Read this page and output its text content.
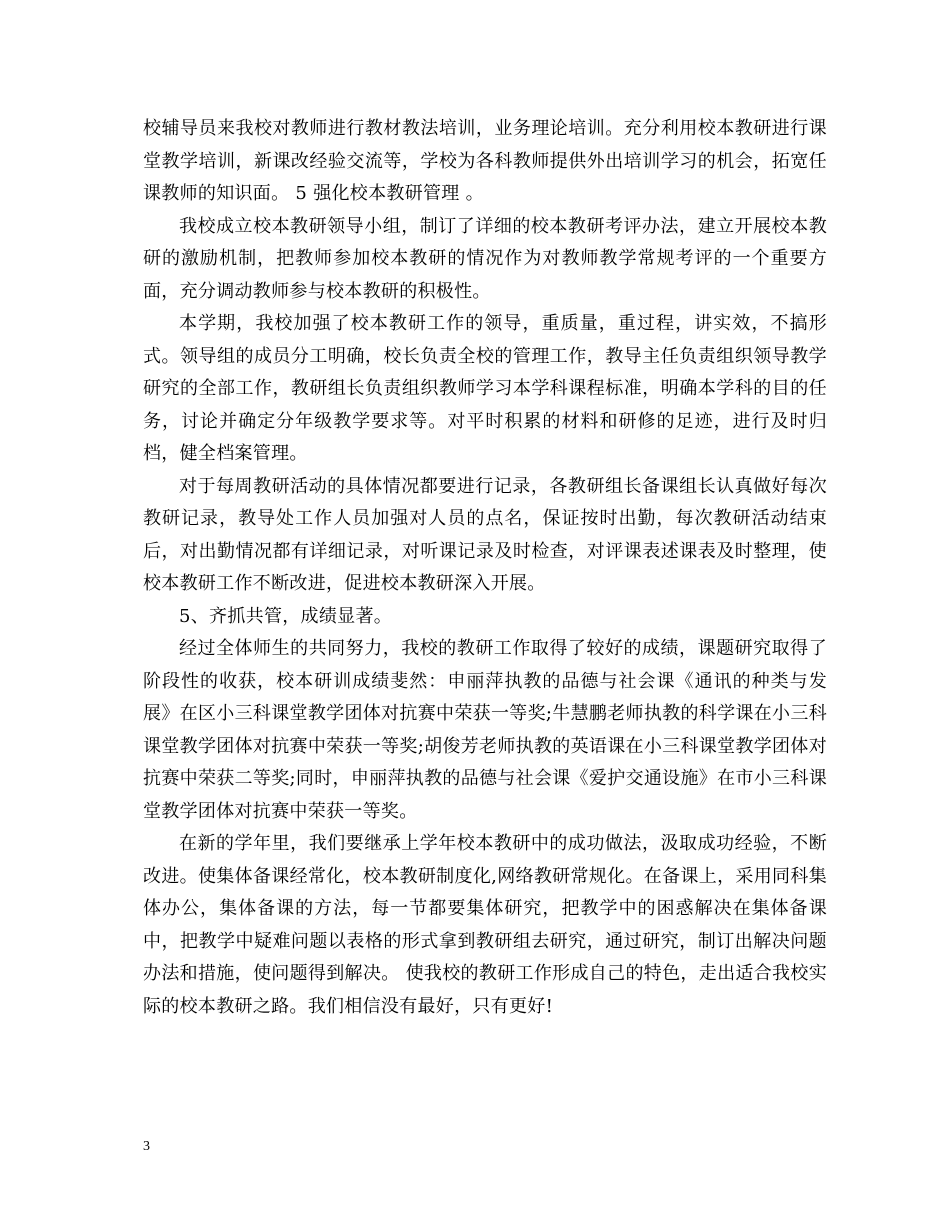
校辅导员来我校对教师进行教材教法培训，业务理论培训。充分利用校本教研进行课堂教学培训，新课改经验交流等，学校为各科教师提供外出培训学习的机会，拓宽任课教师的知识面。 5 强化校本教研管理 。

我校成立校本教研领导小组，制订了详细的校本教研考评办法，建立开展校本教研的激励机制，把教师参加校本教研的情况作为对教师教学常规考评的一个重要方面，充分调动教师参与校本教研的积极性。

本学期，我校加强了校本教研工作的领导，重质量，重过程，讲实效，不搞形式。领导组的成员分工明确，校长负责全校的管理工作，教导主任负责组织领导教学研究的全部工作，教研组长负责组织教师学习本学科课程标准，明确本学科的目的任务，讨论并确定分年级教学要求等。对平时积累的材料和研修的足迹，进行及时归档，健全档案管理。

对于每周教研活动的具体情况都要进行记录，各教研组长备课组长认真做好每次教研记录，教导处工作人员加强对人员的点名，保证按时出勤，每次教研活动结束后，对出勤情况都有详细记录，对听课记录及时检查，对评课表述课表及时整理，使校本教研工作不断改进，促进校本教研深入开展。

5、齐抓共管，成绩显著。

经过全体师生的共同努力，我校的教研工作取得了较好的成绩，课题研究取得了阶段性的收获，校本研训成绩斐然：申丽萍执教的品德与社会课《通讯的种类与发展》在区小三科课堂教学团体对抗赛中荣获一等奖;牛慧鹏老师执教的科学课在小三科课堂教学团体对抗赛中荣获一等奖;胡俊芳老师执教的英语课在小三科课堂教学团体对抗赛中荣获二等奖;同时，申丽萍执教的品德与社会课《爱护交通设施》在市小三科课堂教学团体对抗赛中荣获一等奖。

在新的学年里，我们要继承上学年校本教研中的成功做法，汲取成功经验，不断改进。使集体备课经常化，校本教研制度化,网络教研常规化。在备课上，采用同科集体办公，集体备课的方法，每一节都要集体研究，把教学中的困惑解决在集体备课中，把教学中疑难问题以表格的形式拿到教研组去研究，通过研究，制订出解决问题办法和措施，使问题得到解决。 使我校的教研工作形成自己的特色，走出适合我校实际的校本教研之路。我们相信没有最好，只有更好!

3
